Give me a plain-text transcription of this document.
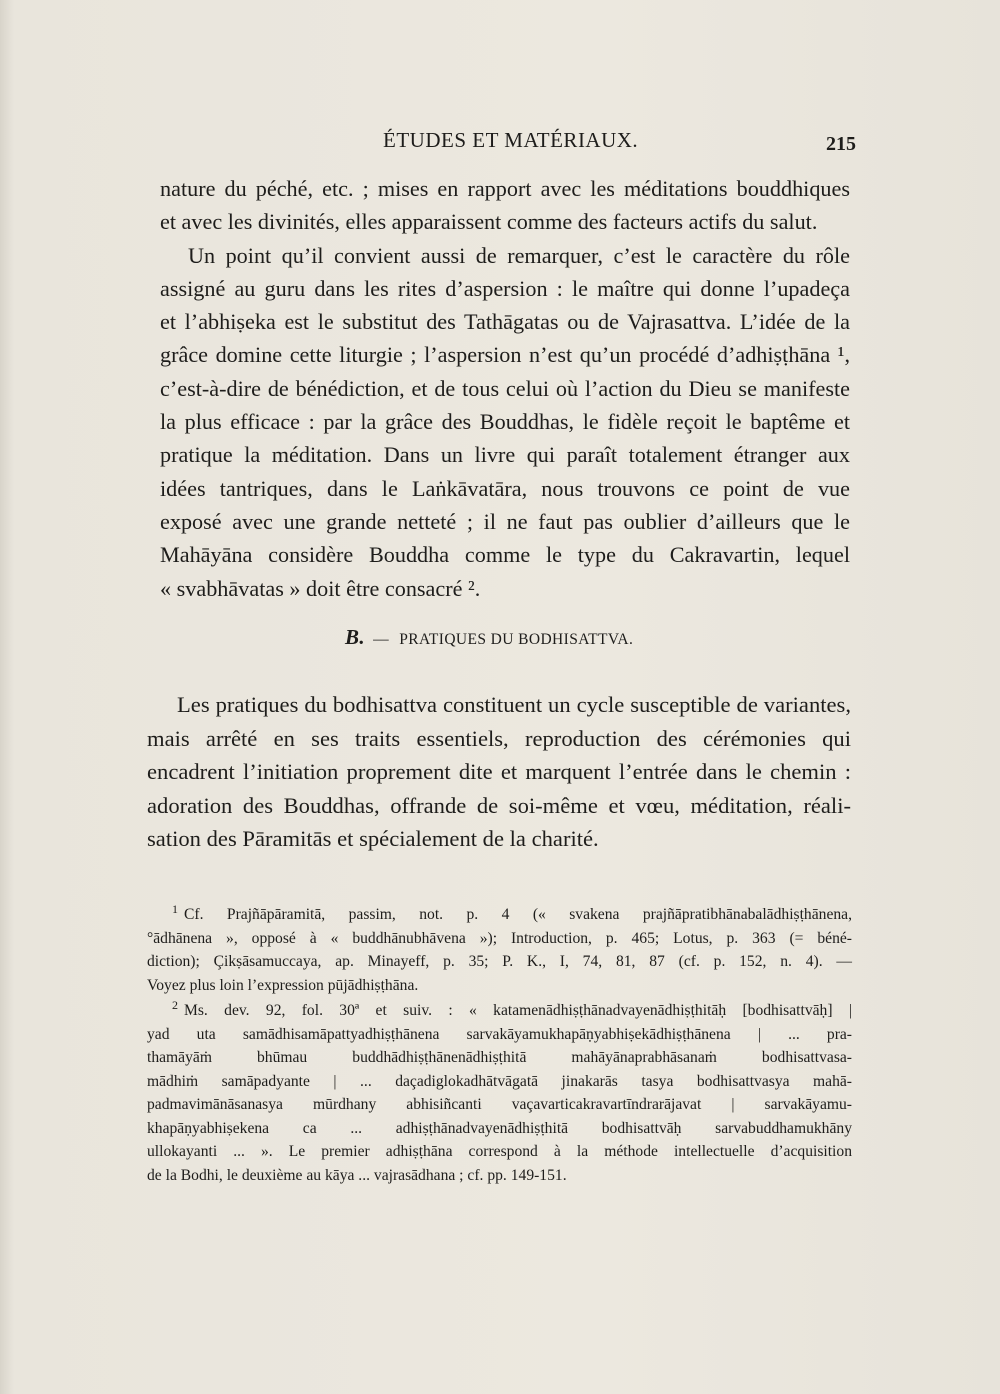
ÉTUDES ET MATÉRIAUX.	215
nature du péché, etc. ; mises en rapport avec les méditations bouddhiques
et avec les divinités, elles apparaissent comme des facteurs actifs du salut.
Un point qu’il convient aussi de remarquer, c’est le caractère du rôle
assigné au guru dans les rites d’aspersion : le maître qui donne l’upadeça
et l’abhiṣeka est le substitut des Tathāgatas ou de Vajrasattva. L’idée de la
grâce domine cette liturgie ; l’aspersion n’est qu’un procédé d’adhiṣṭhāna ¹,
c’est-à-dire de bénédiction, et de tous celui où l’action du Dieu se manifeste
la plus efficace : par la grâce des Bouddhas, le fidèle reçoit le baptême et
pratique la méditation. Dans un livre qui paraît totalement étranger aux
idées tantriques, dans le Laṅkāvatāra, nous trouvons ce point de vue
exposé avec une grande netteté ; il ne faut pas oublier d’ailleurs que le
Mahāyāna considère Bouddha comme le type du Cakravartin, lequel
« svabhāvatas » doit être consacré ².
B. — PRATIQUES DU BODHISATTVA.
Les pratiques du bodhisattva constituent un cycle susceptible de variantes,
mais arrêté en ses traits essentiels, reproduction des cérémonies qui
encadrent l’initiation proprement dite et marquent l’entrée dans le chemin :
adoration des Bouddhas, offrande de soi-même et vœu, méditation, réali-
sation des Pāramitās et spécialement de la charité.
$^1$ Cf. Prajñāpāramitā, passim, not. p. 4 (« svakena prajñāpratibhānabalādhiṣṭhānena,
°ādhānena », opposé à « buddhānubhāvena »); Introduction, p. 465; Lotus, p. 363 (= béné-
diction); Çikṣāsamuccaya, ap. Minayeff, p. 35; P. K., I, 74, 81, 87 (cf. p. 152, n. 4). —
Voyez plus loin l’expression pūjādhiṣṭhāna.
$^2$ Ms. dev. 92, fol. 30ª et suiv. : « katamenādhiṣṭhānadvayenādhiṣṭhitāḥ [bodhisattvāḥ] |
yad uta samādhisamāpattyadhiṣṭhānena sarvakāyamukhapāṇyabhiṣekādhiṣṭhānena | ... pra-
thamāyāṁ bhūmau buddhādhiṣṭhānenādhiṣṭhitā mahāyānaprabhāsanaṁ bodhisattvasa-
mādhiṁ samāpadyante | ... daçadiglokadhātvāgatā jinakarās tasya bodhisattvasya mahā-
padmavimānāsanasya mūrdhany abhisiñcanti vaçavarticakravartīndrarājavat | sarvakāyamu-
khapāṇyabhiṣekena ca ... adhiṣṭhānadvayenādhiṣṭhitā bodhisattvāḥ sarvabuddhamukhāny
ullokayanti ... ». Le premier adhiṣṭhāna correspond à la méthode intellectuelle d’acquisition
de la Bodhi, le deuxième au kāya ... vajrasādhana ; cf. pp. 149-151.
